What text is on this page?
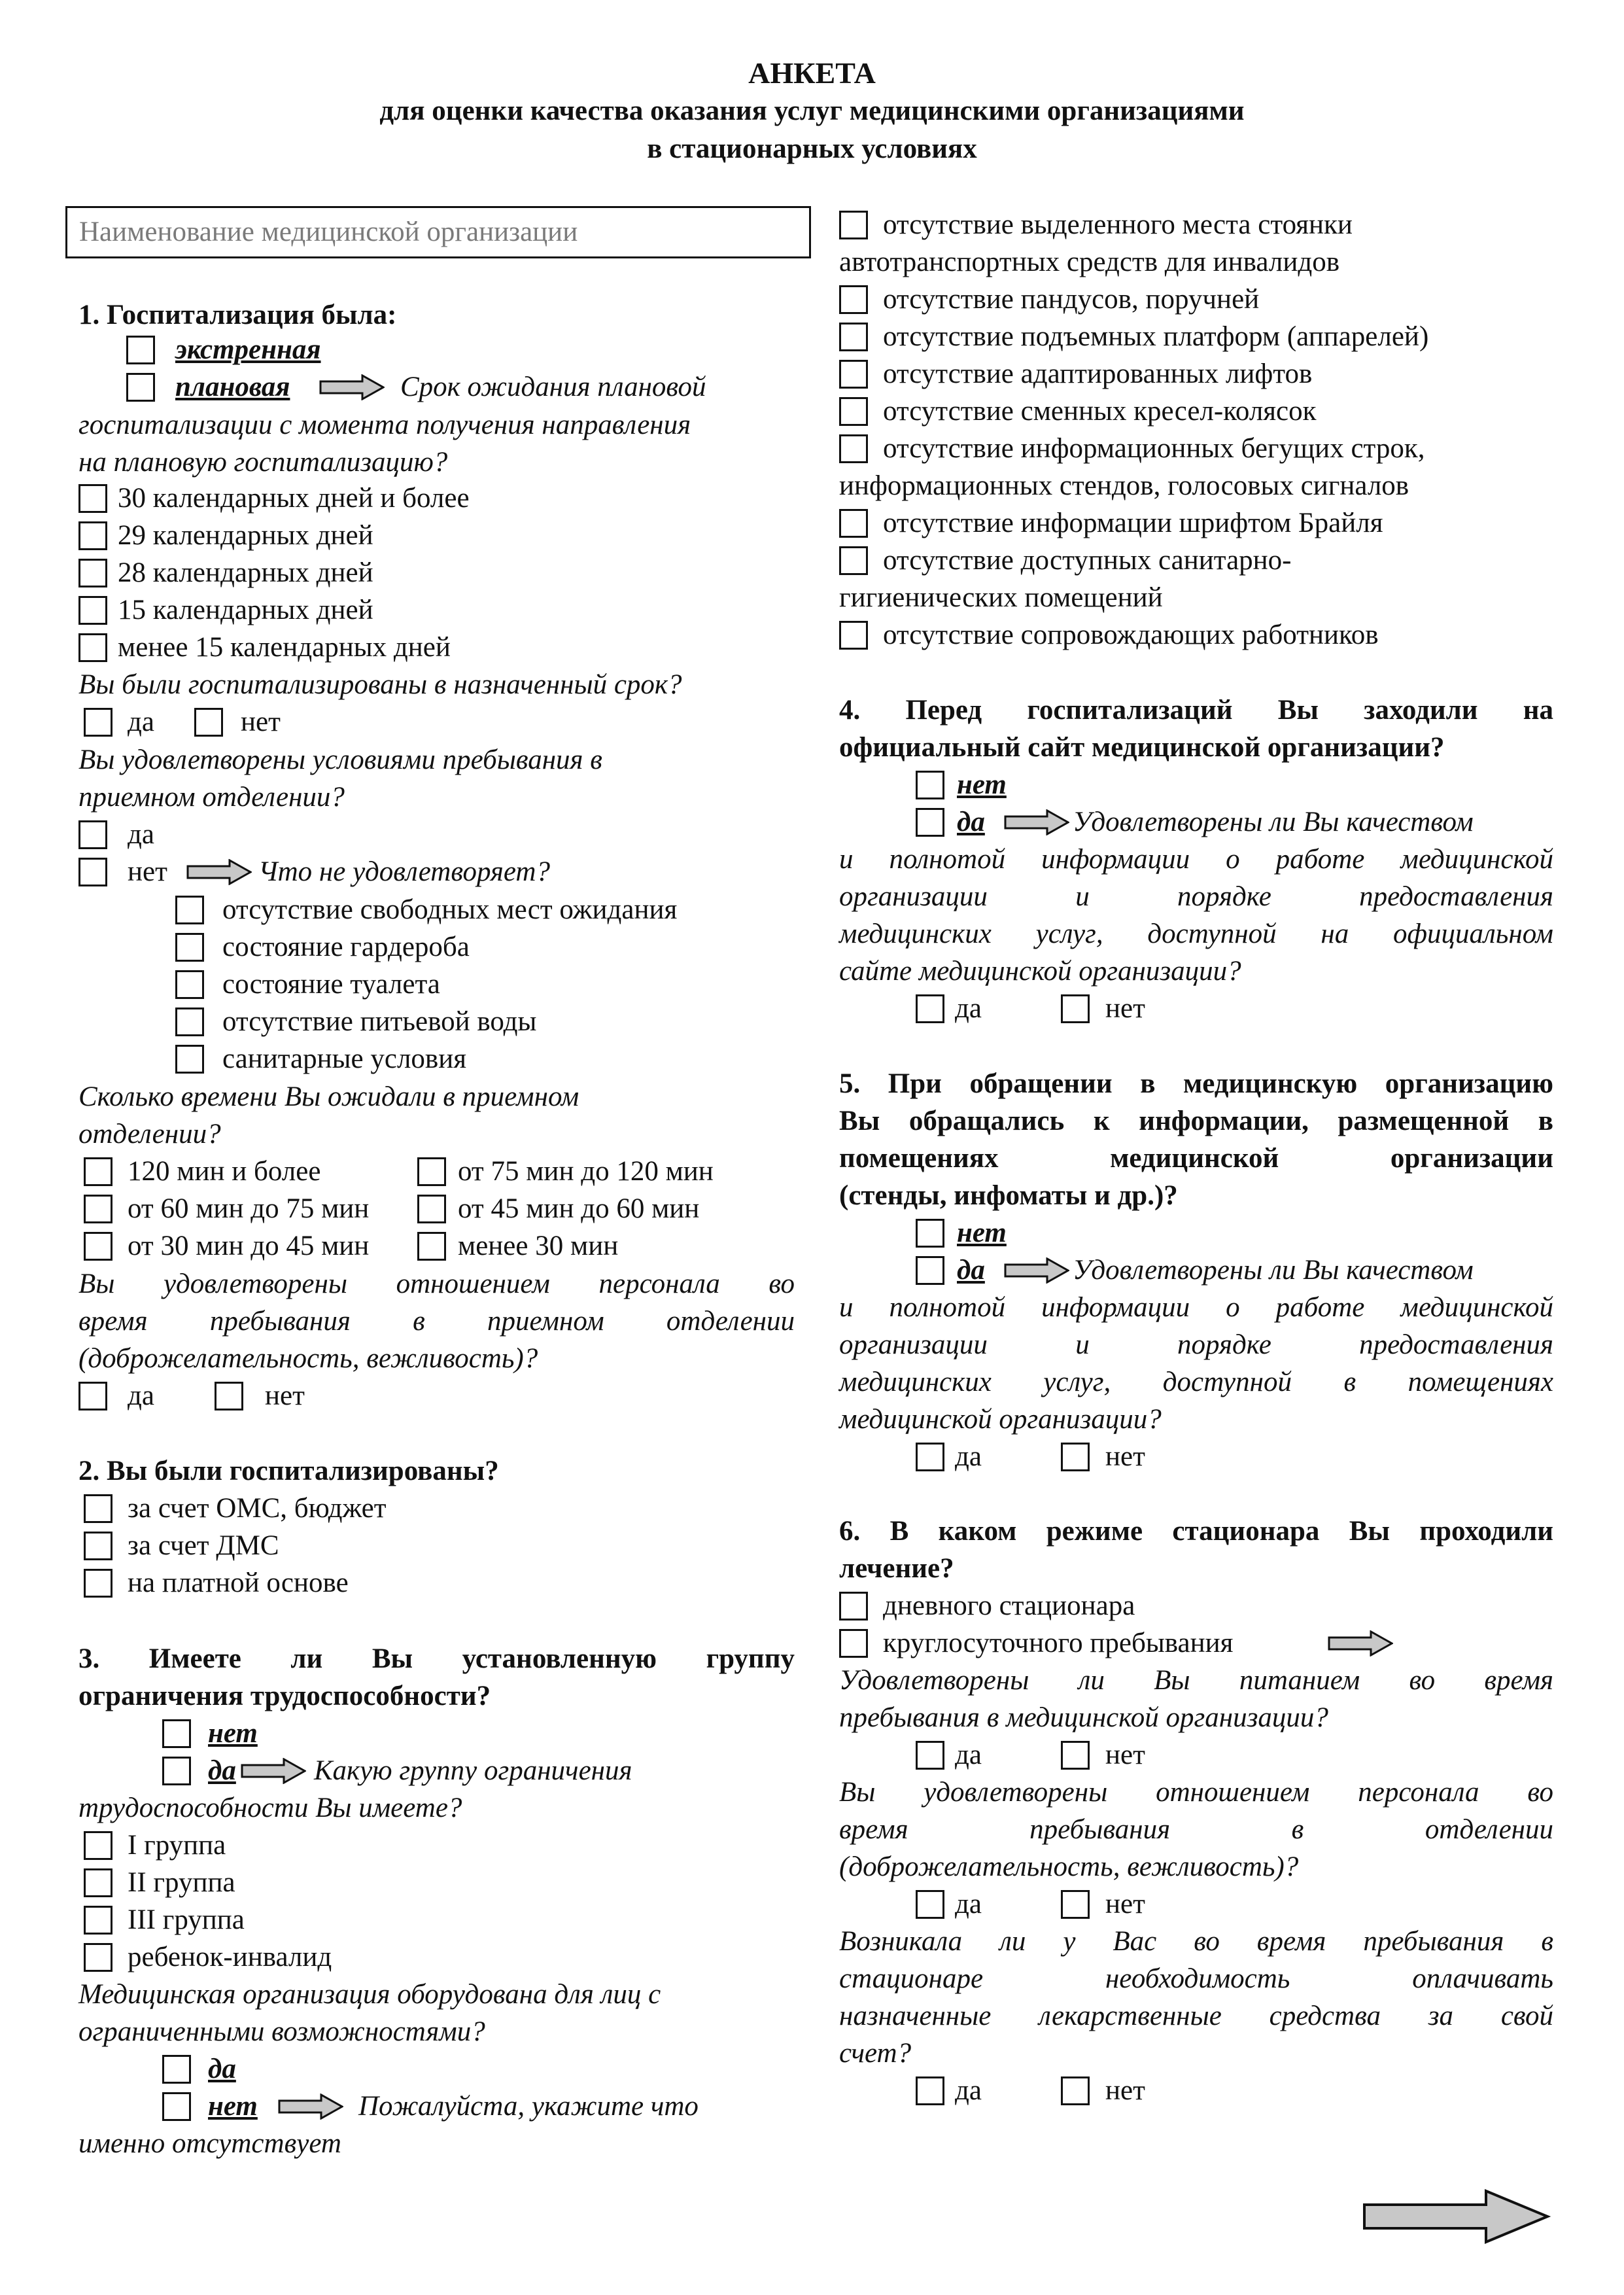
АНКЕТА
для оценки качества оказания услуг медицинскими организациями
в стационарных условиях
Наименование медицинской организации
1. Госпитализация была:
экстренная
плановая	Срок ожидания плановой
госпитализации с момента получения направления
на плановую госпитализацию?
30 календарных дней и более
29 календарных дней
28 календарных дней
15 календарных дней
менее 15 календарных дней
Вы были госпитализированы в назначенный срок?
да	нет
Вы удовлетворены условиями пребывания в
приемном отделении?
да
нет	Что не удовлетворяет?
отсутствие свободных мест ожидания
состояние гардероба
состояние туалета
отсутствие питьевой воды
санитарные условия
Сколько времени Вы ожидали в приемном
отделении?
120 мин и более	от 75 мин до 120 мин
от 60 мин до 75 мин	от 45 мин до 60 мин
от 30 мин до 45 мин	менее 30 мин
Вы удовлетворены отношением персонала во
время пребывания в приемном отделении
(доброжелательность, вежливость)?
да	нет
2. Вы были госпитализированы?
за счет ОМС, бюджет
за счет ДМС
на платной основе
3. Имеете ли Вы установленную группу
ограничения трудоспособности?
нет
да	Какую группу ограничения
трудоспособности Вы имеете?
I группа
II группа
III группа
ребенок-инвалид
Медицинская организация оборудована для лиц с
ограниченными возможностями?
да
нет	Пожалуйста, укажите что
именно отсутствует
отсутствие выделенного места стоянки
автотранспортных средств для инвалидов
отсутствие пандусов, поручней
отсутствие подъемных платформ (аппарелей)
отсутствие адаптированных лифтов
отсутствие сменных кресел-колясок
отсутствие информационных бегущих строк,
информационных стендов, голосовых сигналов
отсутствие информации шрифтом Брайля
отсутствие доступных санитарно-
гигиенических помещений
отсутствие сопровождающих работников
4. Перед госпитализаций Вы заходили на
официальный сайт медицинской организации?
нет
да	Удовлетворены ли Вы качеством
и полнотой информации о работе медицинской
организации и порядке предоставления
медицинских услуг, доступной на официальном
сайте медицинской организации?
да	нет
5. При обращении в медицинскую организацию
Вы обращались к информации, размещенной в
помещениях медицинской организации
(стенды, инфоматы и др.)?
нет
да	Удовлетворены ли Вы качеством
и полнотой информации о работе медицинской
организации и порядке предоставления
медицинских услуг, доступной в помещениях
медицинской организации?
да	нет
6. В каком режиме стационара Вы проходили
лечение?
дневного стационара
круглосуточного пребывания
Удовлетворены ли Вы питанием во время
пребывания в медицинской организации?
да	нет
Вы удовлетворены отношением персонала во
время пребывания в отделении
(доброжелательность, вежливость)?
да	нет
Возникала ли у Вас во время пребывания в
стационаре необходимость оплачивать
назначенные лекарственные средства за свой
счет?
да	нет
